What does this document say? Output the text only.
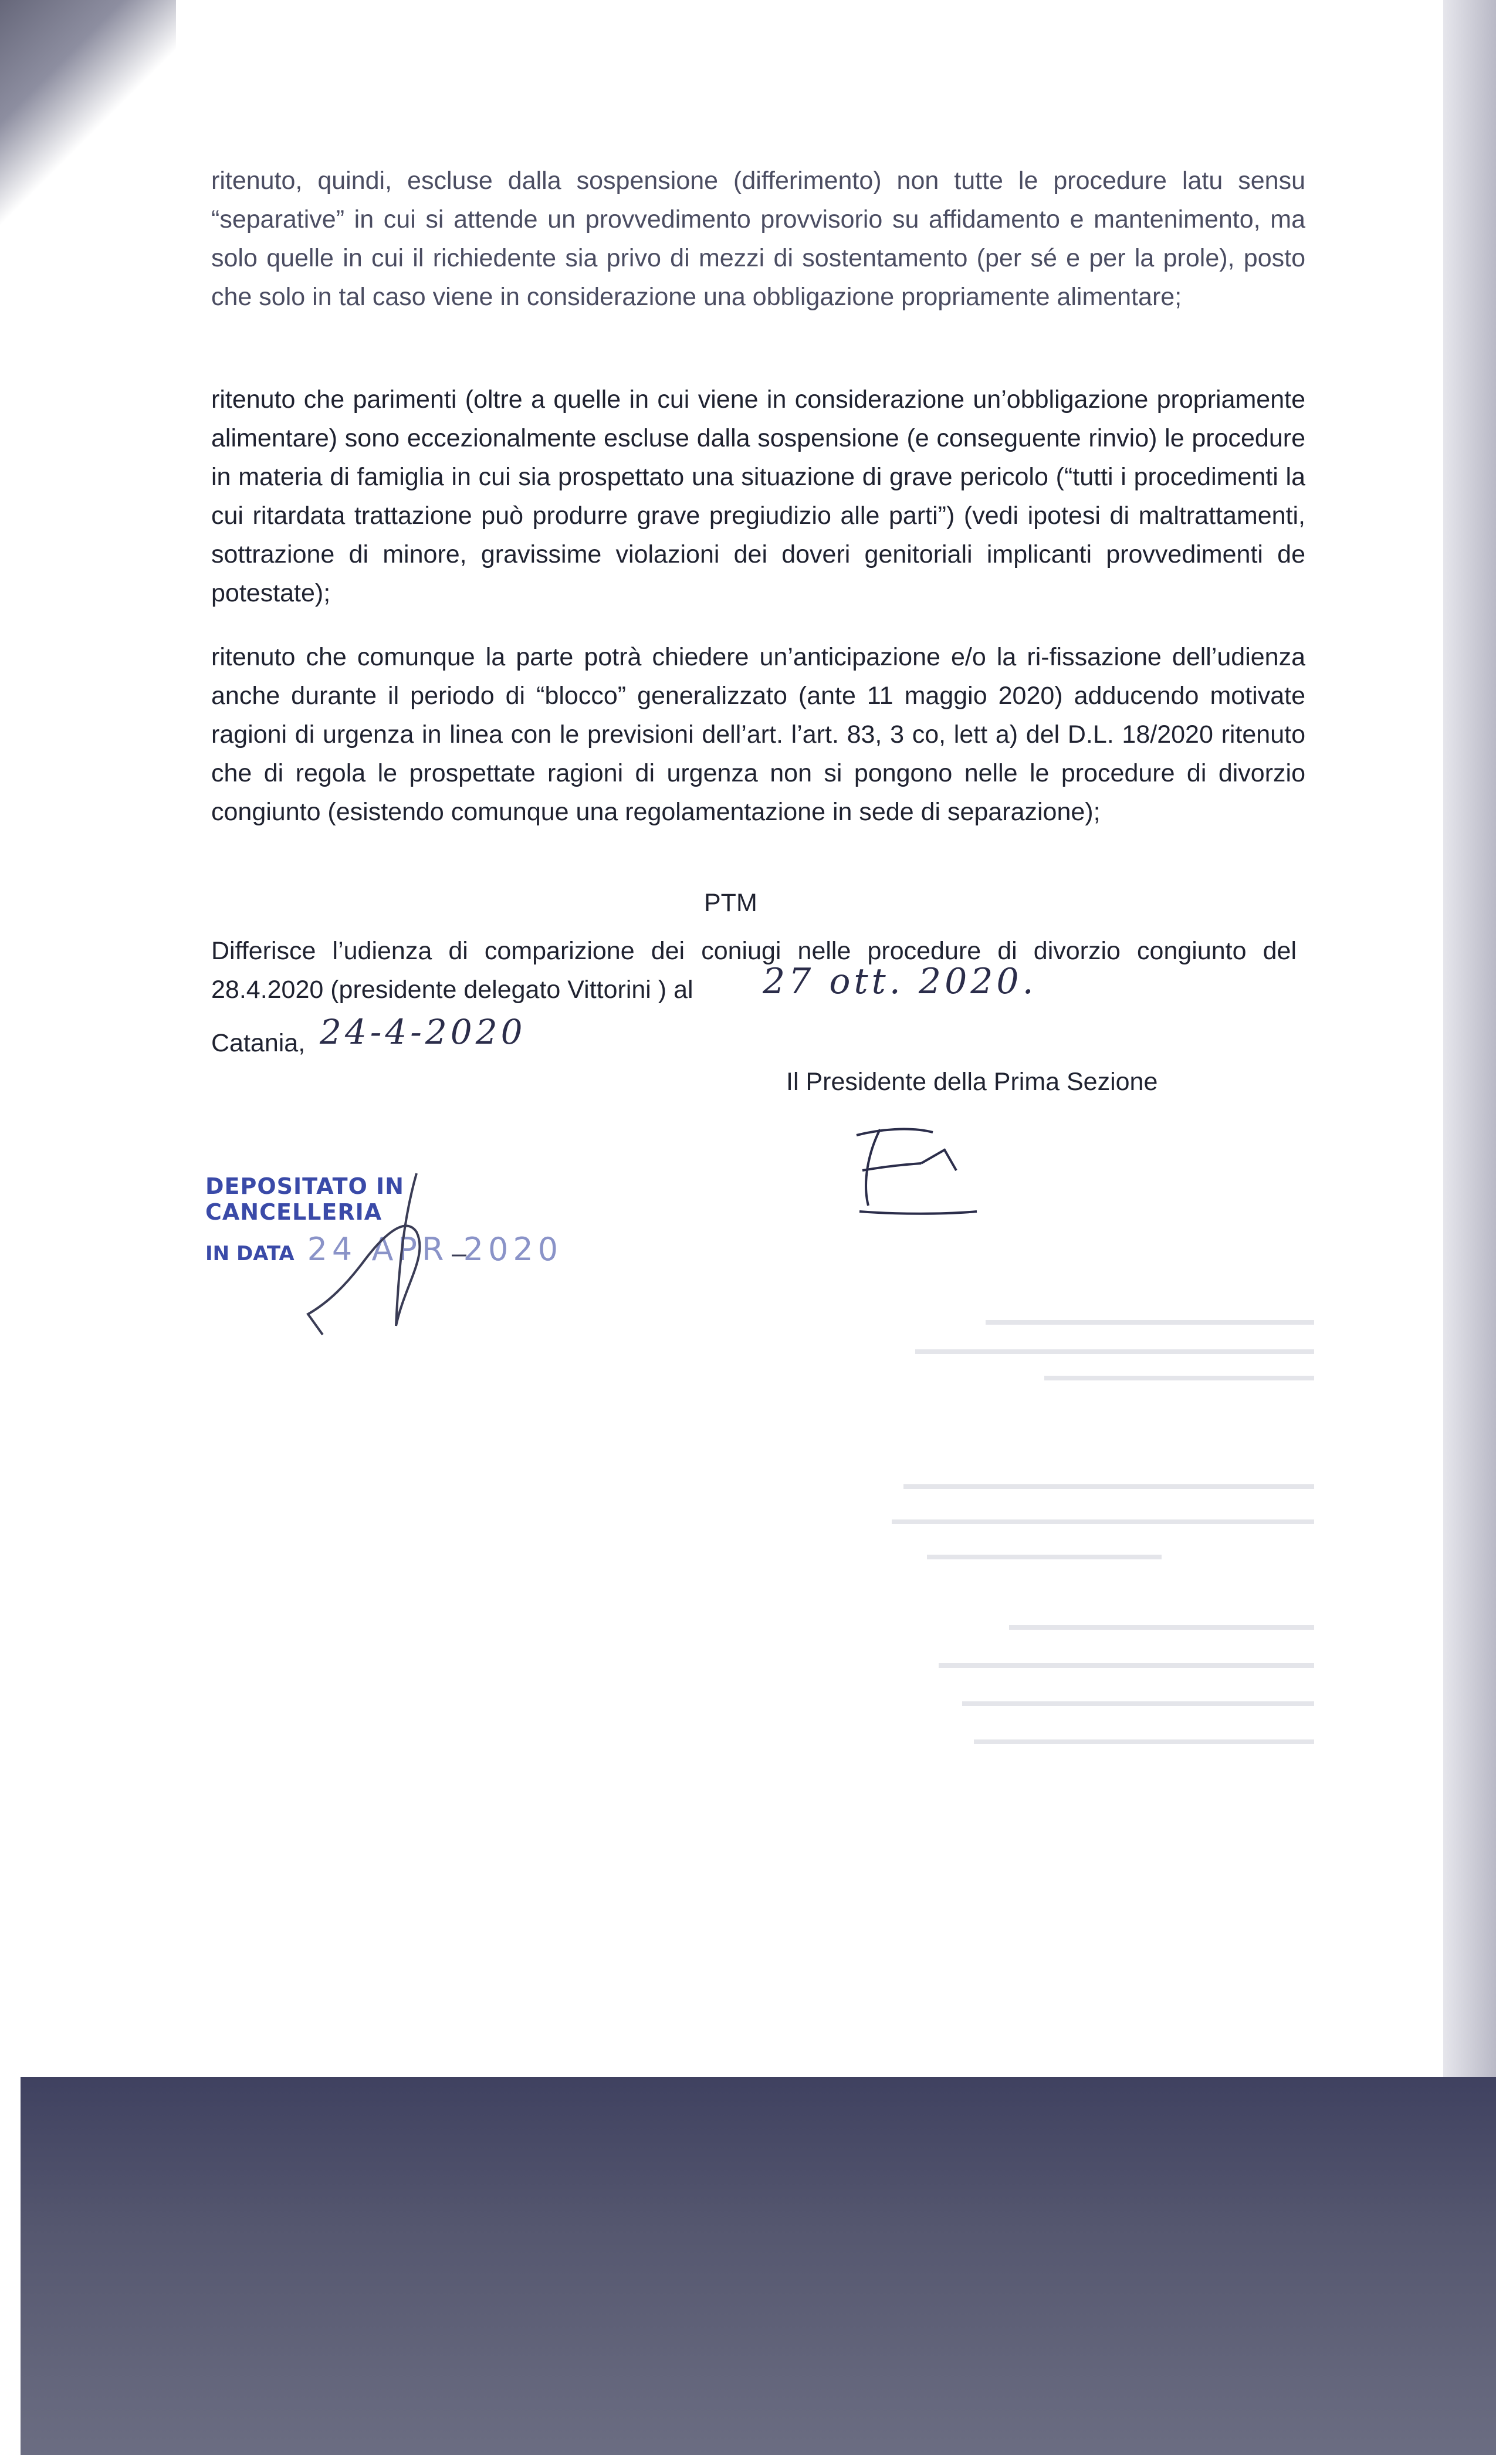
ritenuto, quindi, escluse dalla sospensione (differimento) non tutte le procedure latu sensu “separative” in cui si attende un provvedimento provvisorio su affidamento e mantenimento, ma solo quelle in cui il richiedente sia privo di mezzi di sostentamento (per sé e per la prole), posto che solo in tal caso viene in considerazione una obbligazione propriamente alimentare;
ritenuto che parimenti (oltre a quelle in cui viene in considerazione un’obbligazione propriamente alimentare) sono eccezionalmente escluse dalla sospensione (e conseguente rinvio) le procedure in materia di famiglia in cui sia prospettato una situazione di grave pericolo (“tutti i procedimenti la cui ritardata trattazione può produrre grave pregiudizio alle parti”) (vedi ipotesi di maltrattamenti, sottrazione di minore, gravissime violazioni dei doveri genitoriali implicanti provvedimenti de potestate);
ritenuto che comunque la parte potrà chiedere un’anticipazione e/o la ri-fissazione dell’udienza anche durante il periodo di “blocco” generalizzato (ante 11 maggio 2020) adducendo motivate ragioni di urgenza in linea con le previsioni dell’art. l’art. 83, 3 co, lett a) del D.L. 18/2020 ritenuto che di regola le prospettate ragioni di urgenza non si pongono nelle le procedure di divorzio congiunto (esistendo comunque una regolamentazione in sede di separazione);
PTM
Differisce l’udienza di comparizione dei coniugi nelle procedure di divorzio congiunto del 28.4.2020 (presidente delegato Vittorini ) al	27 ott. 2020.
Catania, 24-4-2020
Il Presidente della Prima Sezione
DEPOSITATO IN CANCELLERIA
IN DATA 24 APR 2020
